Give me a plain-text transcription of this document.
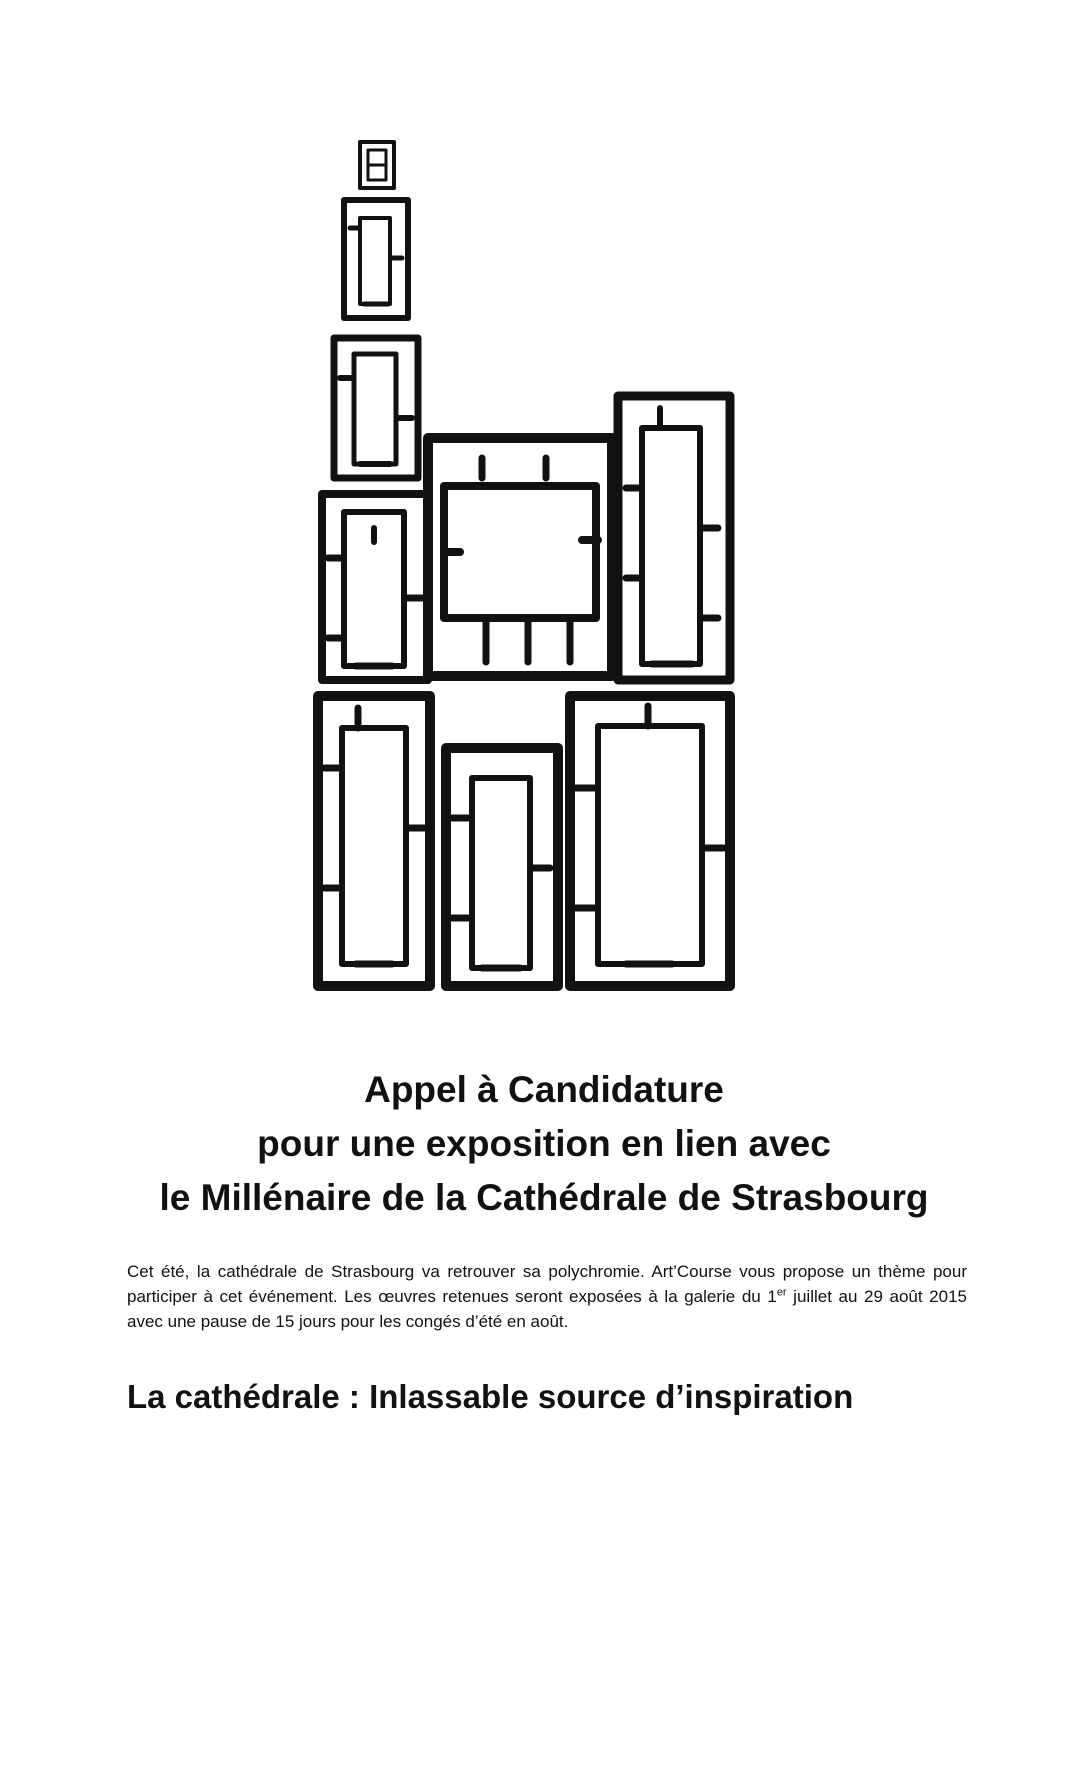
Appel à Candidature
pour une exposition en lien avec
le Millénaire de la Cathédrale de Strasbourg

Cet été, la cathédrale de Strasbourg va retrouver sa polychromie. Art’Course vous propose un thème pour participer à cet événement. Les œuvres retenues seront exposées à la galerie du 1er juillet au 29 août 2015 avec une pause de 15 jours pour les congés d’été en août.

La cathédrale : Inlassable source d’inspiration
